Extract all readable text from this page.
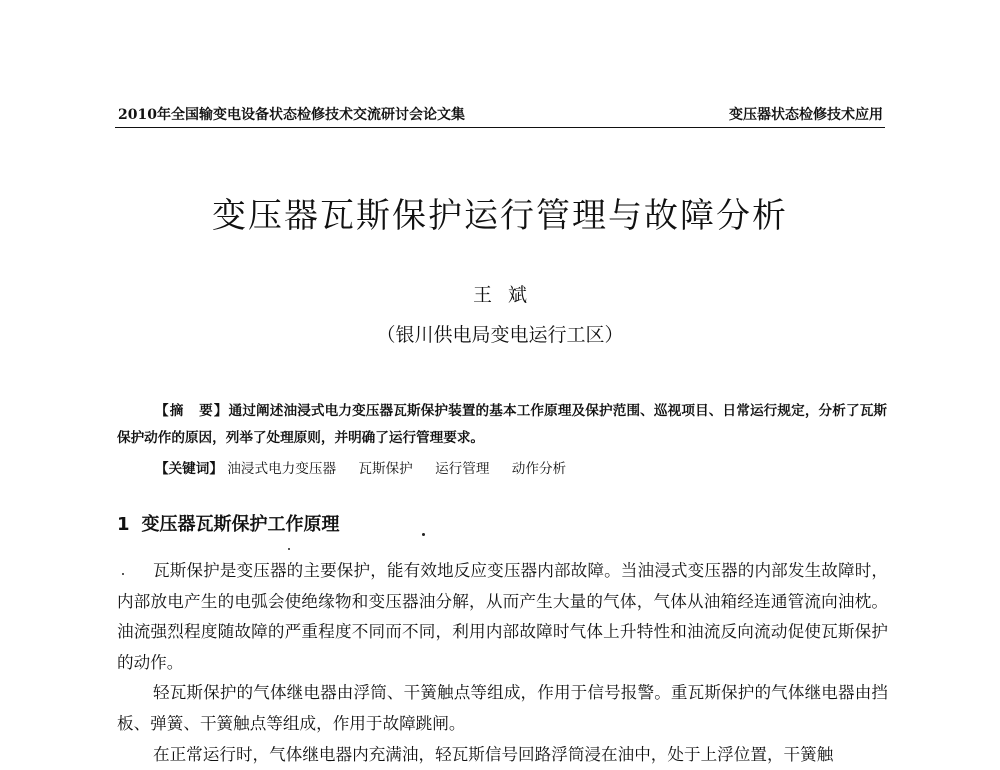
2010年全国输变电设备状态检修技术交流研讨会论文集	变压器状态检修技术应用
变压器瓦斯保护运行管理与故障分析
王斌
（银川供电局变电运行工区）
【摘　要】通过阐述油浸式电力变压器瓦斯保护装置的基本工作原理及保护范围、巡视项目、日常运行规定，分析了瓦斯保护动作的原因，列举了处理原则，并明确了运行管理要求。
【关键词】 油浸式电力变压器 瓦斯保护 运行管理 动作分析
1 变压器瓦斯保护工作原理

瓦斯保护是变压器的主要保护，能有效地反应变压器内部故障。当油浸式变压器的内部发生故障时，内部放电产生的电弧会使绝缘物和变压器油分解，从而产生大量的气体，气体从油箱经连通管流向油枕。油流强烈程度随故障的严重程度不同而不同，利用内部故障时气体上升特性和油流反向流动促使瓦斯保护的动作。

轻瓦斯保护的气体继电器由浮筒、干簧触点等组成，作用于信号报警。重瓦斯保护的气体继电器由挡板、弹簧、干簧触点等组成，作用于故障跳闸。

在正常运行时，气体继电器内充满油，轻瓦斯信号回路浮筒浸在油中，处于上浮位置，干簧触
